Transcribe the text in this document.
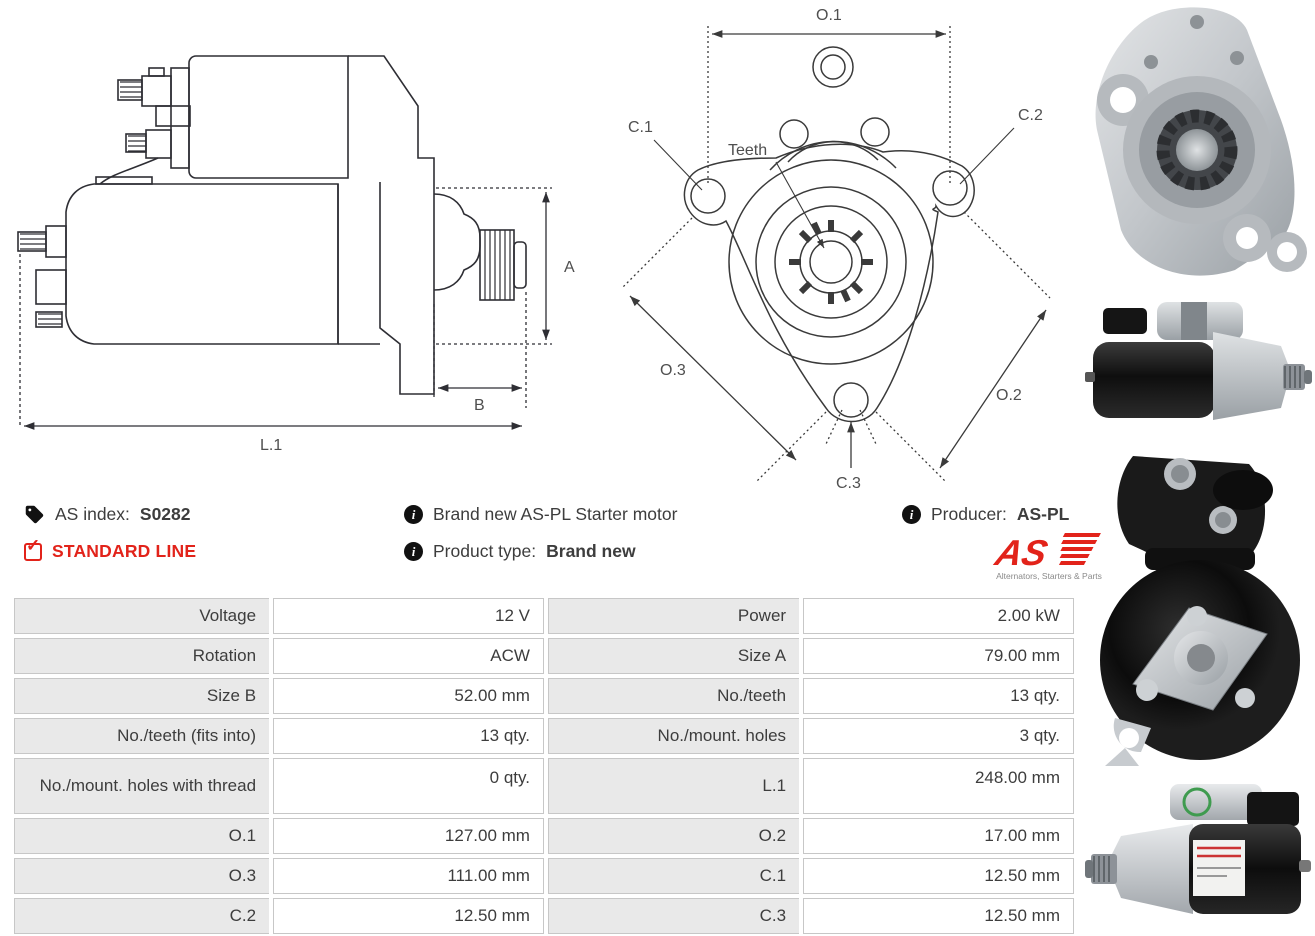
A
B
L.1
O.1
C.1
C.2
Teeth
O.3
O.2
C.3
AS index: S0282
✓ STANDARD LINE
i	Brand new AS-PL Starter motor
i	Product type: Brand new
i	Producer: AS-PL
AS
Alternators, Starters & Parts
Voltage	12 V	Power	2.00 kW
Rotation	ACW	Size A	79.00 mm
Size B	52.00 mm	No./teeth	13 qty.
No./teeth (fits into)	13 qty.	No./mount. holes	3 qty.
No./mount. holes with thread	0 qty.	L.1	248.00 mm
O.1	127.00 mm	O.2	17.00 mm
O.3	111.00 mm	C.1	12.50 mm
C.2	12.50 mm	C.3	12.50 mm
